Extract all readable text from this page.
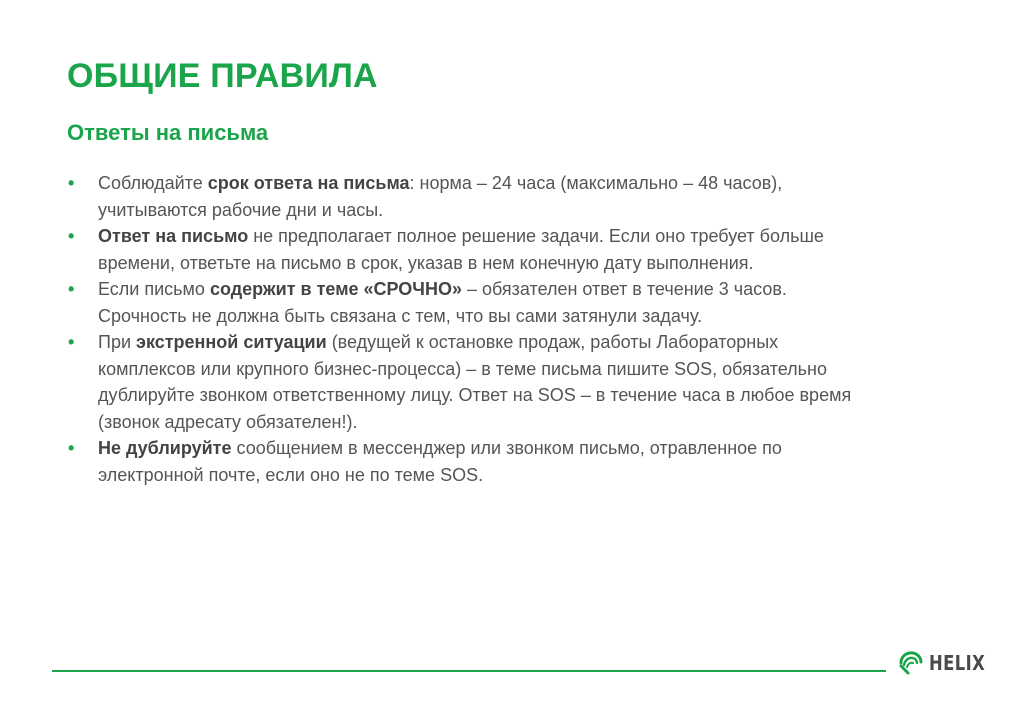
ОБЩИЕ ПРАВИЛА
Ответы на письма
• Соблюдайте срок ответа на письма: норма – 24 часа (максимально – 48 часов), учитываются рабочие дни и часы.
• Ответ на письмо не предполагает полное решение задачи. Если оно требует больше времени, ответьте на письмо в срок, указав в нем конечную дату выполнения.
• Если письмо содержит в теме «СРОЧНО» – обязателен ответ в течение 3 часов. Срочность не должна быть связана с тем, что вы сами затянули задачу.
• При экстренной ситуации (ведущей к остановке продаж, работы Лабораторных комплексов или крупного бизнес-процесса) – в теме письма пишите SOS, обязательно дублируйте звонком ответственному лицу. Ответ на SOS – в течение часа в любое время (звонок адресату обязателен!).
• Не дублируйте сообщением в мессенджер или звонком письмо, отравленное по электронной почте, если оно не по теме SOS.
HELIX
